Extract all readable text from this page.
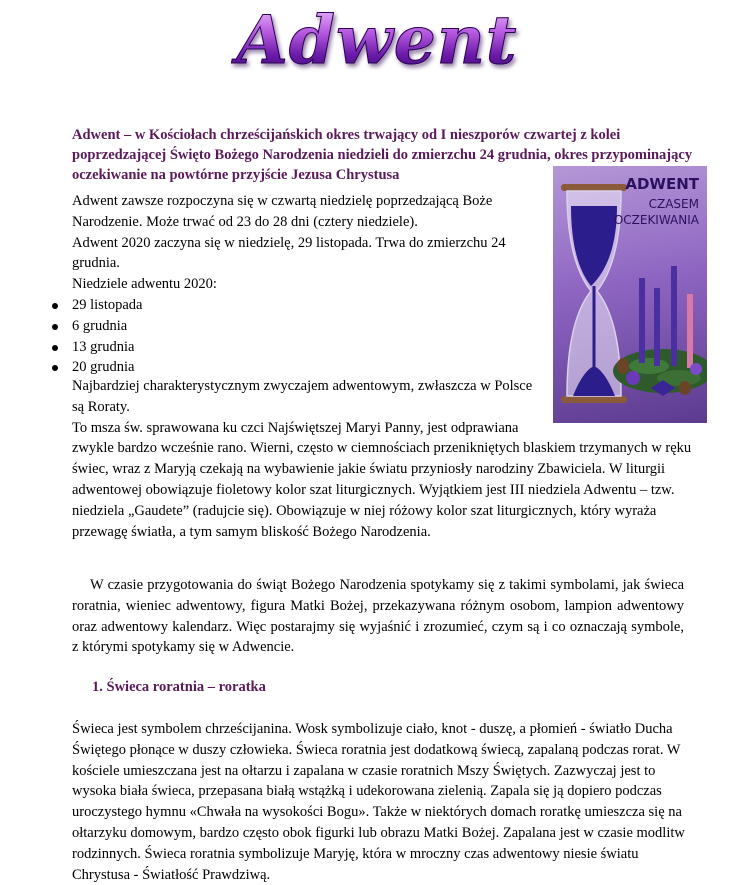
Adwent
Adwent – w Kościołach chrześcijańskich okres trwający od I nieszporów czwartej z kolei poprzedzającej Święto Bożego Narodzenia niedzieli do zmierzchu 24 grudnia, okres przypominający oczekiwanie na powtórne przyjście Jezusa Chrystusa

Adwent zawsze rozpoczyna się w czwartą niedzielę poprzedzającą Boże Narodzenie. Może trwać od 23 do 28 dni (cztery niedziele).

Adwent 2020 zaczyna się w niedzielę, 29 listopada. Trwa do zmierzchu 24 grudnia.

Niedziele adwentu 2020:

29 listopada
6 grudnia
13 grudnia
20 grudnia

Najbardziej charakterystycznym zwyczajem adwentowym, zwłaszcza w Polsce są Roraty.

To msza św. sprawowana ku czci Najświętszej Maryi Panny, jest odprawiana

zwykle bardzo wcześnie rano. Wierni, często w ciemnościach przenikniętych blaskiem trzymanych w ręku świec, wraz z Maryją czekają na wybawienie jakie światu przyniosły narodziny Zbawiciela. W liturgii adwentowej obowiązuje fioletowy kolor szat liturgicznych. Wyjątkiem jest III niedziela Adwentu – tzw. niedziela „Gaudete” (radujcie się). Obowiązuje w niej różowy kolor szat liturgicznych, który wyraża przewagę światła, a tym samym bliskość Bożego Narodzenia.

W czasie przygotowania do świąt Bożego Narodzenia spotykamy się z takimi symbolami, jak świeca roratnia, wieniec adwentowy, figura Matki Bożej, przekazywana różnym osobom, lampion adwentowy oraz adwentowy kalendarz. Więc postarajmy się wyjaśnić i zrozumieć, czym są i co oznaczają symbole, z którymi spotykamy się w Adwencie.

1. Świeca roratnia – roratka

Świeca jest symbolem chrześcijanina. Wosk symbolizuje ciało, knot - duszę, a płomień - światło Ducha Świętego płonące w duszy człowieka. Świeca roratnia jest dodatkową świecą, zapalaną podczas rorat. W kościele umieszczana jest na ołtarzu i zapalana w czasie roratnich Mszy Świętych. Zazwyczaj jest to wysoka biała świeca, przepasana białą wstążką i udekorowana zielenią. Zapala się ją dopiero podczas uroczystego hymnu «Chwała na wysokości Bogu». Także w niektórych domach roratkę umieszcza się na ołtarzyku domowym, bardzo często obok figurki lub obrazu Matki Bożej. Zapalana jest w czasie modlitw rodzinnych. Świeca roratnia symbolizuje Maryję, która w mroczny czas adwentowy niesie światu Chrystusa - Światłość Prawdziwą.

ADWENT
CZASEM
OCZEKIWANIA
